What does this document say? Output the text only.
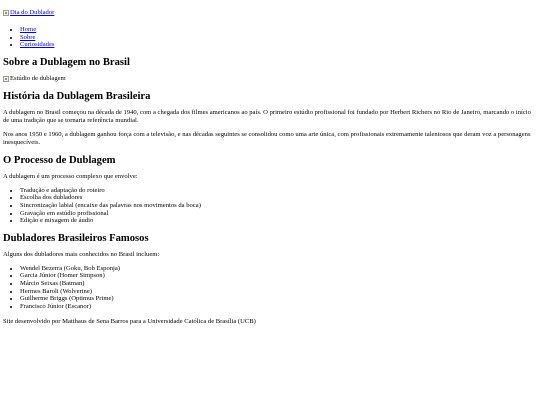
Dia do Dublador
• Home
• Sobre
• Curiosidades
Sobre a Dublagem no Brasil
Estúdio de dublagem
História da Dublagem Brasileira

A dublagem no Brasil começou na década de 1940, com a chegada dos filmes americanos ao país. O primeiro estúdio profissional foi fundado por Herbert Richers no Rio de Janeiro, marcando o início de uma tradição que se tornaria referência mundial.

Nos anos 1950 e 1960, a dublagem ganhou força com a televisão, e nas décadas seguintes se consolidou como uma arte única, com profissionais extremamente talentosos que deram voz a personagens inesquecíveis.

O Processo de Dublagem

A dublagem é um processo complexo que envolve:

• Tradução e adaptação do roteiro
• Escolha dos dubladores
• Sincronização labial (encaixe das palavras nos movimentos da boca)
• Gravação em estúdio profissional
• Edição e mixagem de áudio
Dubladores Brasileiros Famosos

Alguns dos dubladores mais conhecidos no Brasil incluem:

• Wendel Bezerra (Goku, Bob Esponja)
• Garcia Júnior (Homer Simpson)
• Márcio Seixas (Batman)
• Hermes Baroli (Wolverine)
• Guilherme Briggs (Optimus Prime)
• Francisco Júnior (Escanor)
Site desenvolvido por Matthaus de Sena Barros para a Universidade Católica de Brasília (UCB)
